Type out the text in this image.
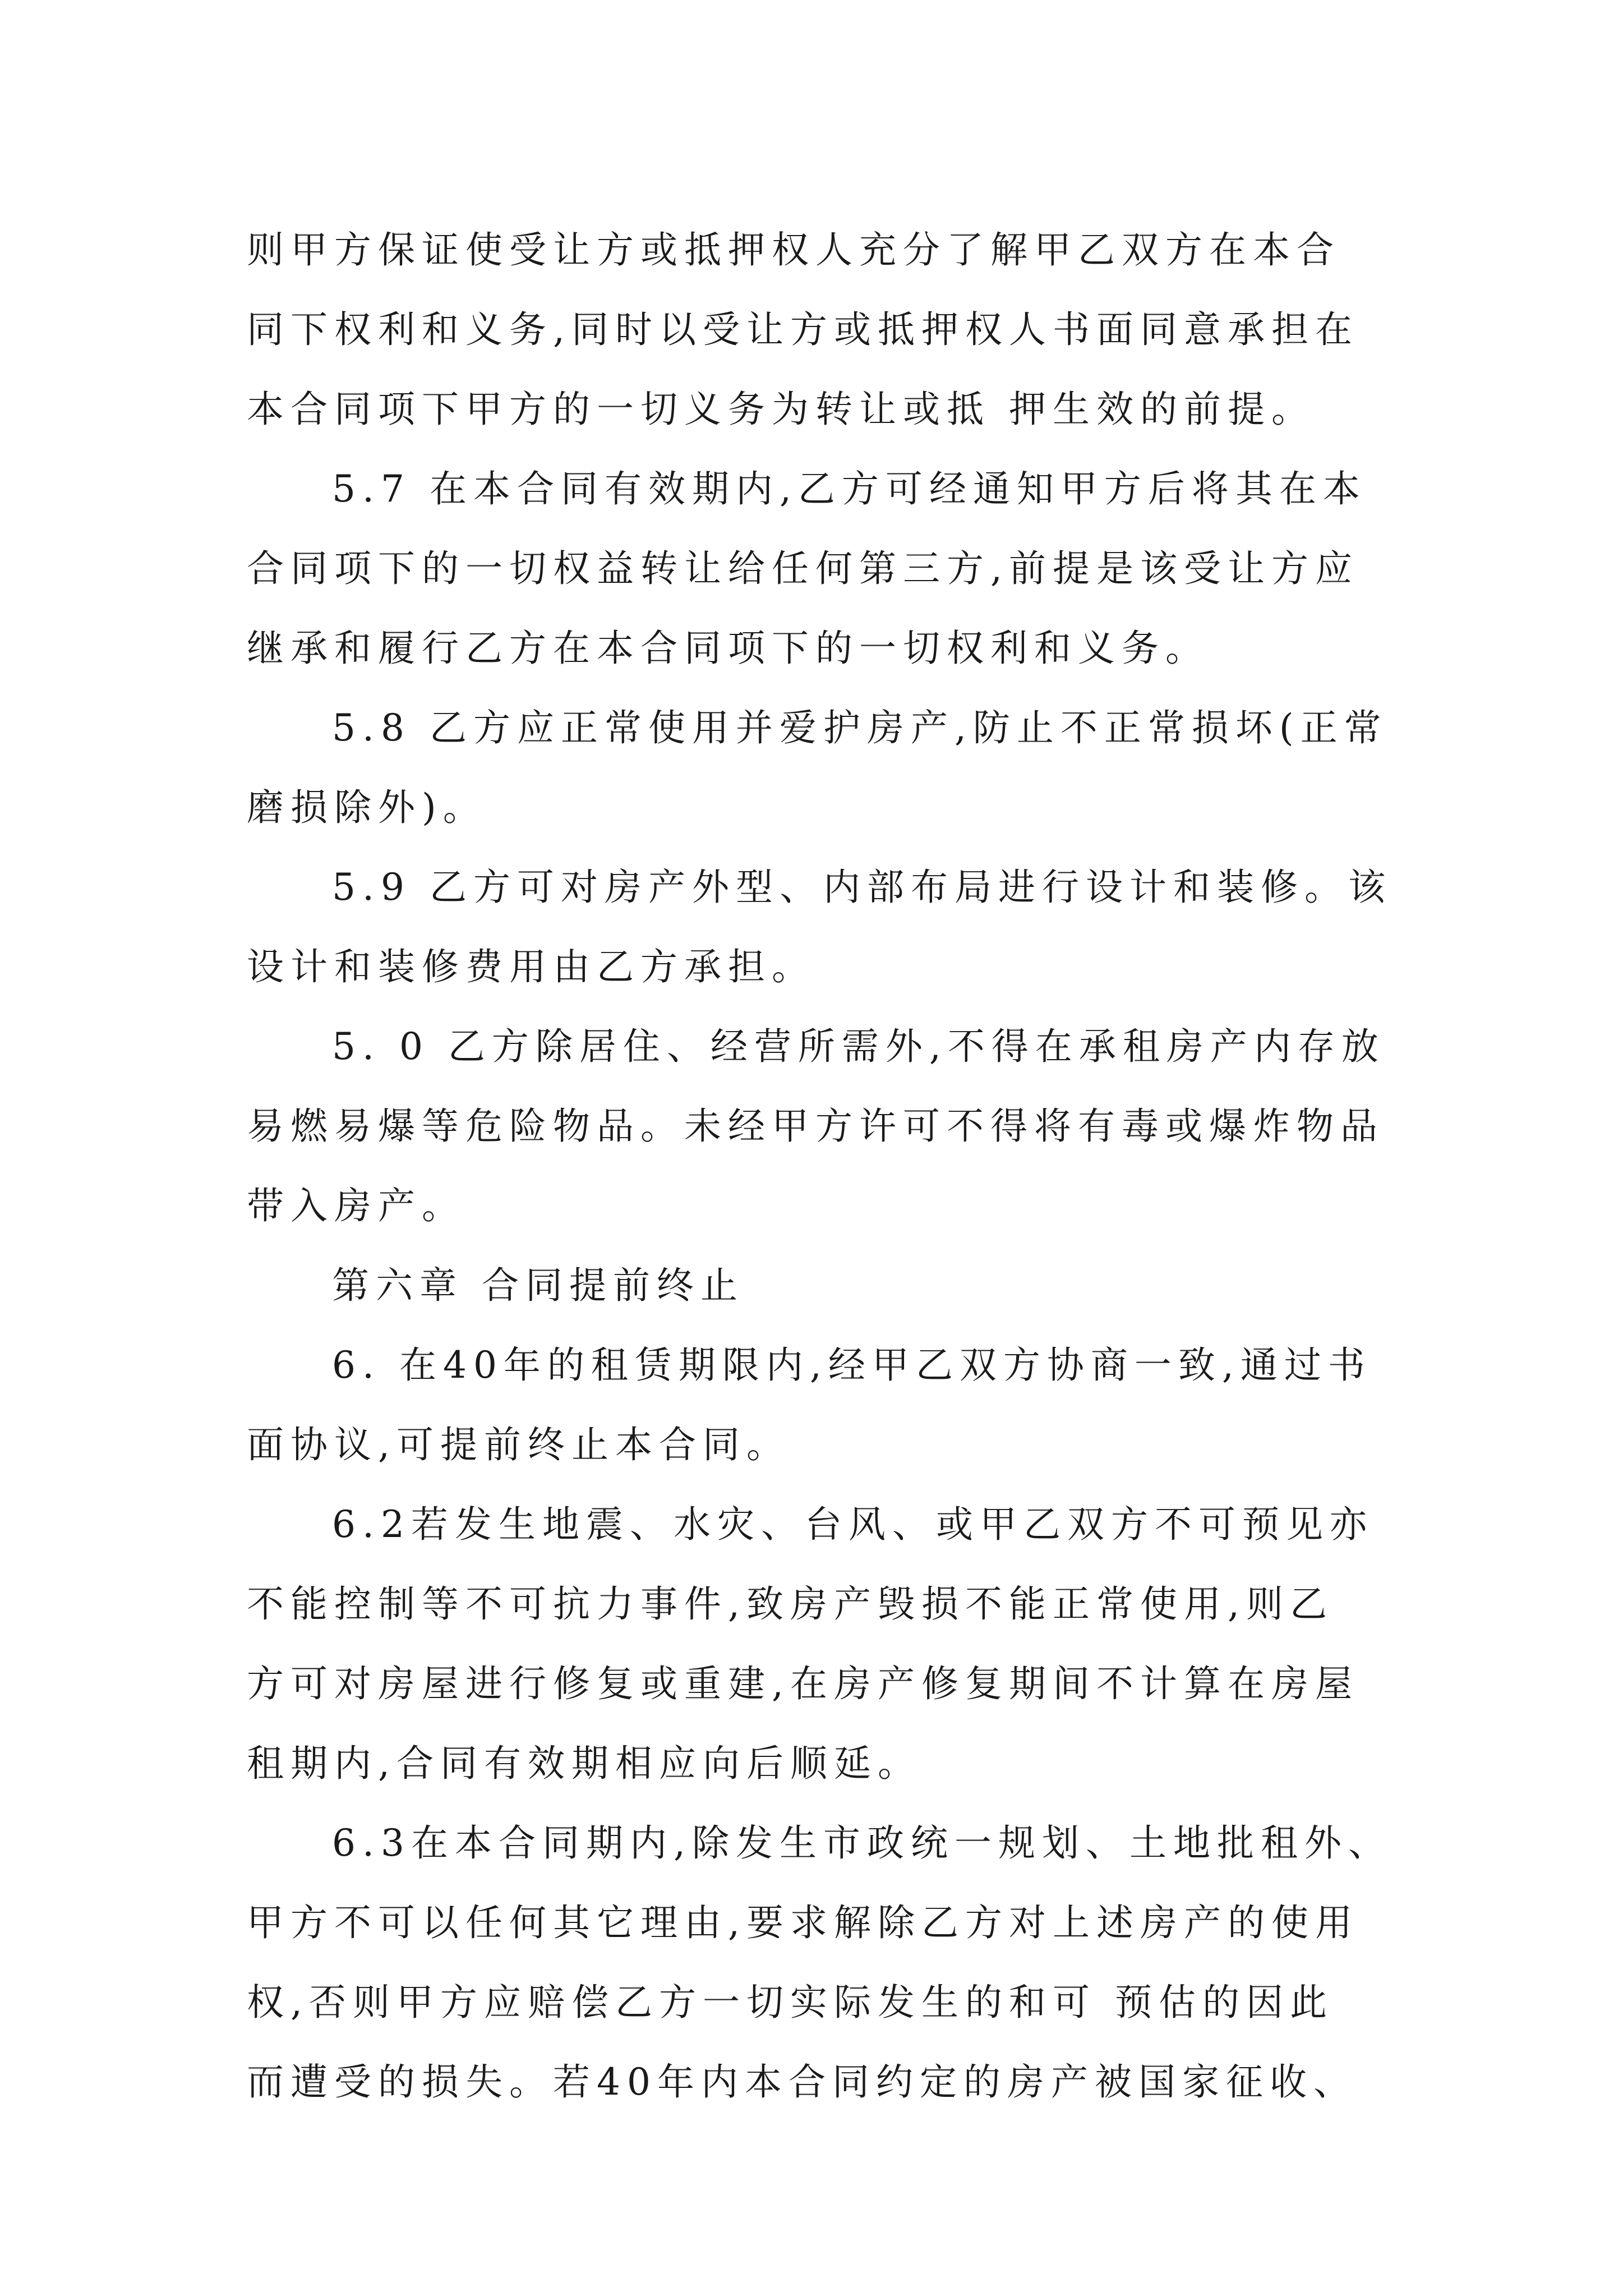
则甲方保证使受让方或抵押权人充分了解甲乙双方在本合
同下权利和义务,同时以受让方或抵押权人书面同意承担在
本合同项下甲方的一切义务为转让或抵 押生效的前提。
5.7 在本合同有效期内,乙方可经通知甲方后将其在本
合同项下的一切权益转让给任何第三方,前提是该受让方应
继承和履行乙方在本合同项下的一切权利和义务。
5.8 乙方应正常使用并爱护房产,防止不正常损坏(正常
磨损除外)。
5.9 乙方可对房产外型、内部布局进行设计和装修。该
设计和装修费用由乙方承担。
5. 0 乙方除居住、经营所需外,不得在承租房产内存放
易燃易爆等危险物品。未经甲方许可不得将有毒或爆炸物品
带入房产。
第六章 合同提前终止
6. 在40年的租赁期限内,经甲乙双方协商一致,通过书
面协议,可提前终止本合同。
6.2若发生地震、水灾、台风、或甲乙双方不可预见亦
不能控制等不可抗力事件,致房产毁损不能正常使用,则乙
方可对房屋进行修复或重建,在房产修复期间不计算在房屋
租期内,合同有效期相应向后顺延。
6.3在本合同期内,除发生市政统一规划、土地批租外、
甲方不可以任何其它理由,要求解除乙方对上述房产的使用
权,否则甲方应赔偿乙方一切实际发生的和可 预估的因此
而遭受的损失。若40年内本合同约定的房产被国家征收、
